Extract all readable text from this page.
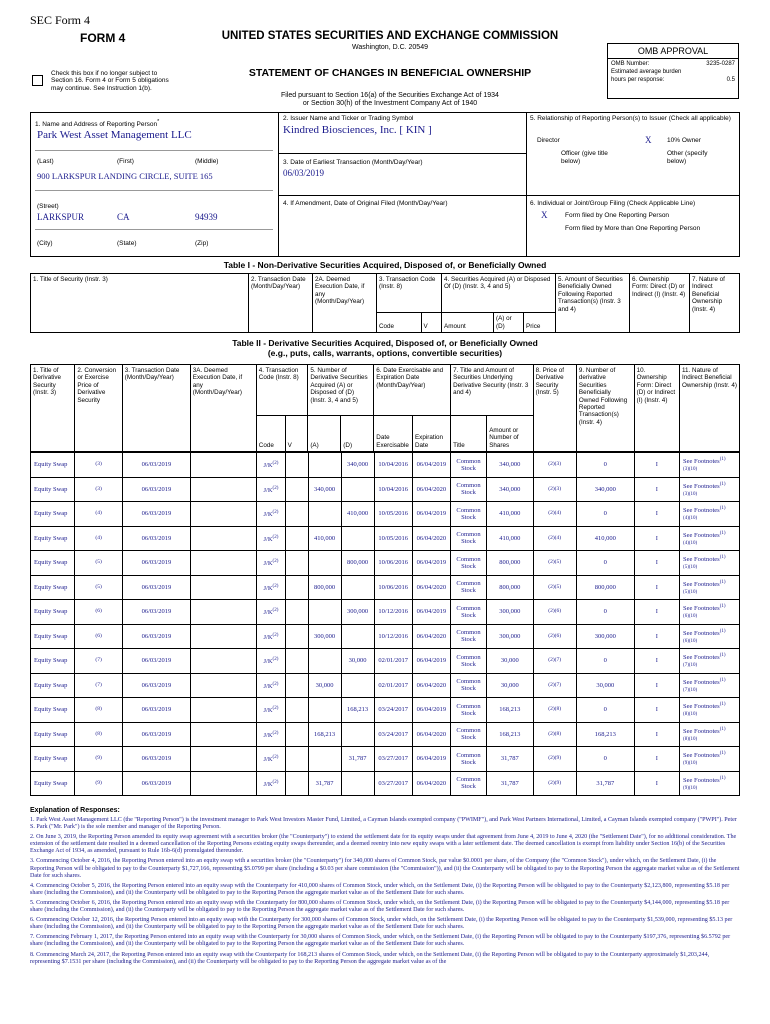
SEC Form 4
FORM 4	UNITED STATES SECURITIES AND EXCHANGE COMMISSION
Washington, D.C. 20549
Check this box if no longer subject to Section 16. Form 4 or Form 5 obligations may continue. See Instruction 1(b).
STATEMENT OF CHANGES IN BENEFICIAL OWNERSHIP
Filed pursuant to Section 16(a) of the Securities Exchange Act of 1934
or Section 30(h) of the Investment Company Act of 1940
OMB APPROVAL
OMB Number:	3235-0287
Estimated average burden
hours per response:	0.5
1. Name and Address of Reporting Person*
Park West Asset Management LLC
(Last)	(First)	(Middle)
900 LARKSPUR LANDING CIRCLE, SUITE 165
(Street)
LARKSPUR	CA	94939
(City)	(State)	(Zip)
2. Issuer Name and Ticker or Trading Symbol
Kindred Biosciences, Inc. [ KIN ]
3. Date of Earliest Transaction (Month/Day/Year)
06/03/2019
4. If Amendment, Date of Original Filed (Month/Day/Year)
5. Relationship of Reporting Person(s) to Issuer (Check all applicable)
Director	X 10% Owner
Officer (give title below)
Other (specify below)
6. Individual or Joint/Group Filing (Check Applicable Line)
X	Form filed by One Reporting Person
Form filed by More than One Reporting Person
Table I - Non-Derivative Securities Acquired, Disposed of, or Beneficially Owned
1. Title of Security (Instr. 3)	2. Transaction Date (Month/Day/Year)	2A. Deemed Execution Date, if any (Month/Day/Year)	3. Transaction Code (Instr. 8)		4. Securities Acquired (A) or Disposed Of (D) (Instr. 3, 4 and 5)			5. Amount of Securities Beneficially Owned Following Reported Transaction(s) (Instr. 3 and 4)	6. Ownership Form: Direct (D) or Indirect (I) (Instr. 4)	7. Nature of Indirect Beneficial Ownership (Instr. 4)
			Code	V	Amount	(A) or (D)	Price			
Table II - Derivative Securities Acquired, Disposed of, or Beneficially Owned
(e.g., puts, calls, warrants, options, convertible securities)
1. Title of Derivative Security (Instr. 3)	2. Conversion or Exercise Price of Derivative Security	3. Transaction Date (Month/Day/Year)	3A. Deemed Execution Date, if any (Month/Day/Year)	4. Transaction Code (Instr. 8)		5. Number of Derivative Securities Acquired (A) or Disposed of (D) (Instr. 3, 4 and 5)		6. Date Exercisable and Expiration Date (Month/Day/Year)		7. Title and Amount of Securities Underlying Derivative Security (Instr. 3 and 4)		8. Price of Derivative Security (Instr. 5)	9. Number of derivative Securities Beneficially Owned Following Reported Transaction(s) (Instr. 4)	10. Ownership Form: Direct (D) or Indirect (I) (Instr. 4)	11. Nature of Indirect Beneficial Ownership (Instr. 4)
				Code	V	(A)	(D)	Date Exercisable	Expiration Date	Title	Amount or Number of Shares				
Equity Swap	(3)	06/03/2019		$J/K^{(2)}$			340,000	10/04/2016	06/04/2019	Common Stock	340,000	(2)(3)	0	I	See Footnotes$^{(1)}$
(3)(10)
Equity Swap	(3)	06/03/2019		$J/K^{(2)}$		340,000		10/04/2016	06/04/2020	Common Stock	340,000	(2)(3)	340,000	I	See Footnotes$^{(1)}$
(3)(10)
Equity Swap	(4)	06/03/2019		$J/K^{(2)}$			410,000	10/05/2016	06/04/2019	Common Stock	410,000	(2)(4)	0	I	See Footnotes$^{(1)}$
(4)(10)
Equity Swap	(4)	06/03/2019		$J/K^{(2)}$		410,000		10/05/2016	06/04/2020	Common Stock	410,000	(2)(4)	410,000	I	See Footnotes$^{(1)}$
(4)(10)
Equity Swap	(5)	06/03/2019		$J/K^{(2)}$			800,000	10/06/2016	06/04/2019	Common Stock	800,000	(2)(5)	0	I	See Footnotes$^{(1)}$
(5)(10)
Equity Swap	(5)	06/03/2019		$J/K^{(2)}$		800,000		10/06/2016	06/04/2020	Common Stock	800,000	(2)(5)	800,000	I	See Footnotes$^{(1)}$
(5)(10)
Equity Swap	(6)	06/03/2019		$J/K^{(2)}$			300,000	10/12/2016	06/04/2019	Common Stock	300,000	(2)(6)	0	I	See Footnotes$^{(1)}$
(6)(10)
Equity Swap	(6)	06/03/2019		$J/K^{(2)}$		300,000		10/12/2016	06/04/2020	Common Stock	300,000	(2)(6)	300,000	I	See Footnotes$^{(1)}$
(6)(10)
Equity Swap	(7)	06/03/2019		$J/K^{(2)}$			30,000	02/01/2017	06/04/2019	Common Stock	30,000	(2)(7)	0	I	See Footnotes$^{(1)}$
(7)(10)
Equity Swap	(7)	06/03/2019		$J/K^{(2)}$		30,000		02/01/2017	06/04/2020	Common Stock	30,000	(2)(7)	30,000	I	See Footnotes$^{(1)}$
(7)(10)
Equity Swap	(8)	06/03/2019		$J/K^{(2)}$			168,213	03/24/2017	06/04/2019	Common Stock	168,213	(2)(8)	0	I	See Footnotes$^{(1)}$
(8)(10)
Equity Swap	(8)	06/03/2019		$J/K^{(2)}$		168,213		03/24/2017	06/04/2020	Common Stock	168,213	(2)(8)	168,213	I	See Footnotes$^{(1)}$
(8)(10)
Equity Swap	(9)	06/03/2019		$J/K^{(2)}$			31,787	03/27/2017	06/04/2019	Common Stock	31,787	(2)(9)	0	I	See Footnotes$^{(1)}$
(9)(10)
Equity Swap	(9)	06/03/2019		$J/K^{(2)}$		31,787		03/27/2017	06/04/2020	Common Stock	31,787	(2)(9)	31,787	I	See Footnotes$^{(1)}$
(9)(10)
Explanation of Responses:

1. Park West Asset Management LLC (the "Reporting Person") is the investment manager to Park West Investors Master Fund, Limited, a Cayman Islands exempted company ("PWIMF"), and Park West Partners International, Limited, a Cayman Islands exempted company ("PWPI"). Peter S. Park ("Mr. Park") is the sole member and manager of the Reporting Person.

2. On June 3, 2019, the Reporting Person amended its equity swap agreement with a securities broker (the "Counterparty") to extend the settlement date for its equity swaps under that agreement from June 4, 2019 to June 4, 2020 (the "Settlement Date"), for no additional consideration. The extension of the settlement date resulted in a deemed cancellation of the Reporting Persons existing equity swaps thereunder, and a deemed reentry into new equity swaps with a later settlement date. The deemed cancellation is exempt from liability under Section 16(b) of the Securities Exchange Act of 1934, as amended, pursuant to Rule 16b-6(d) promulgated thereunder.

3. Commencing October 4, 2016, the Reporting Person entered into an equity swap with a securities broker (the "Counterparty") for 340,000 shares of Common Stock, par value $0.0001 per share, of the Company (the "Common Stock"), under which, on the Settlement Date, (i) the Reporting Person will be obligated to pay to the Counterparty $1,727,166, representing $5.0799 per share (including a $0.03 per share commission (the "Commission")), and (ii) the Counterparty will be obligated to pay to the Reporting Person the aggregate market value as of the Settlement Date for such shares.

4. Commencing October 5, 2016, the Reporting Person entered into an equity swap with the Counterparty for 410,000 shares of Common Stock, under which, on the Settlement Date, (i) the Reporting Person will be obligated to pay to the Counterparty $2,123,800, representing $5.18 per share (including the Commission), and (ii) the Counterparty will be obligated to pay to the Reporting Person the aggregate market value as of the Settlement Date for such shares.

5. Commencing October 6, 2016, the Reporting Person entered into an equity swap with the Counterparty for 800,000 shares of Common Stock, under which, on the Settlement Date, (i) the Reporting Person will be obligated to pay to the Counterparty $4,144,000, representing $5.18 per share (including the Commission), and (ii) the Counterparty will be obligated to pay to the Reporting Person the aggregate market value as of the Settlement Date for such shares.

6. Commencing October 12, 2016, the Reporting Person entered into an equity swap with the Counterparty for 300,000 shares of Common Stock, under which, on the Settlement Date, (i) the Reporting Person will be obligated to pay to the Counterparty $1,539,000, representing $5.13 per share (including the Commission), and (ii) the Counterparty will be obligated to pay to the Reporting Person the aggregate market value as of the Settlement Date for such shares.

7. Commencing February 1, 2017, the Reporting Person entered into an equity swap with the Counterparty for 30,000 shares of Common Stock, under which, on the Settlement Date, (i) the Reporting Person will be obligated to pay to the Counterparty $197,376, representing $6.5792 per share (including the Commission), and (ii) the Counterparty will be obligated to pay to the Reporting Person the aggregate market value as of the Settlement Date for such shares.

8. Commencing March 24, 2017, the Reporting Person entered into an equity swap with the Counterparty for 168,213 shares of Common Stock, under which, on the Settlement Date, (i) the Reporting Person will be obligated to pay to the Counterparty approximately $1,203,244, representing $7.1531 per share (including the Commission), and (ii) the Counterparty will be obligated to pay to the Reporting Person the aggregate market value as of the
